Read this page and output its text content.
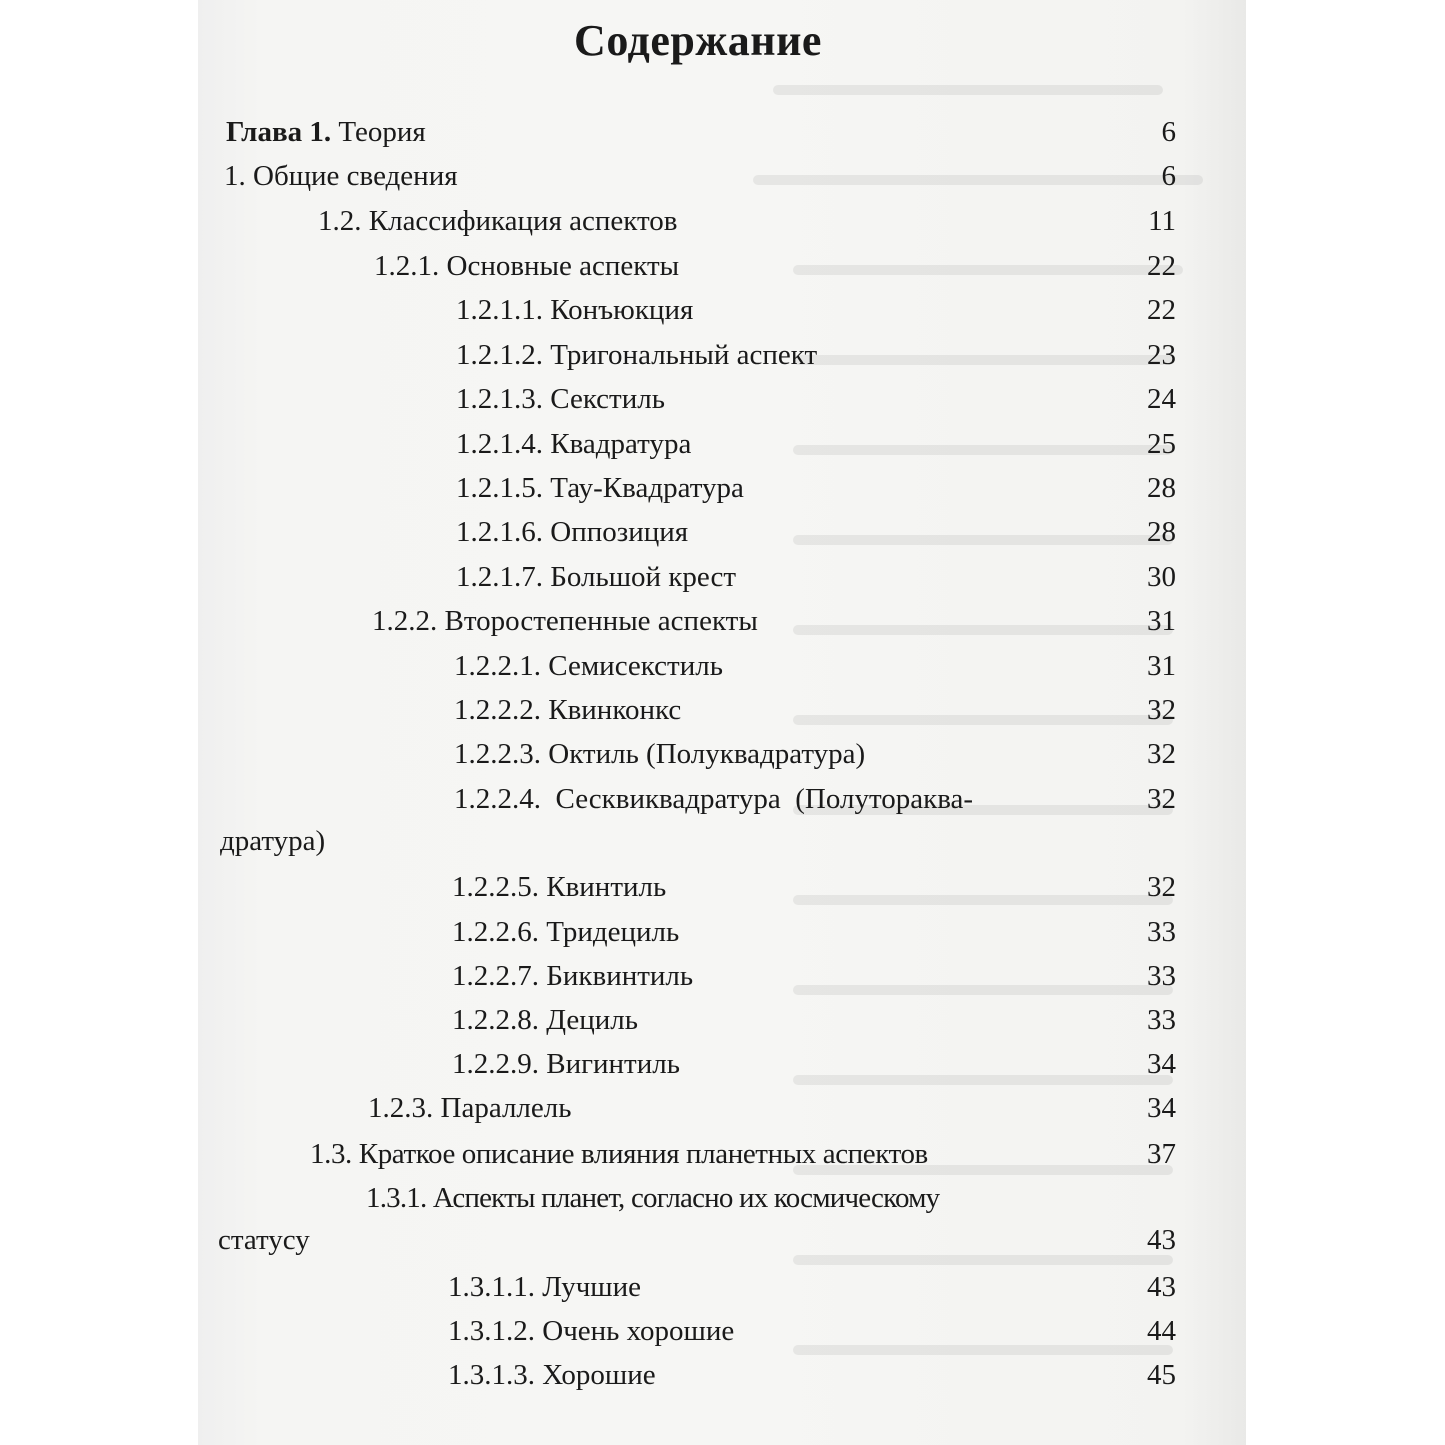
Содержание
Глава 1. Теория	6
1. Общие сведения	6
1.2. Классификация аспектов	11
1.2.1. Основные аспекты	22
1.2.1.1. Конъюкция	22
1.2.1.2. Тригональный аспект	23
1.2.1.3. Секстиль	24
1.2.1.4. Квадратура	25
1.2.1.5. Тау-Квадратура	28
1.2.1.6. Оппозиция	28
1.2.1.7. Большой крест	30
1.2.2. Второстепенные аспекты	31
1.2.2.1. Семисекстиль	31
1.2.2.2. Квинконкс	32
1.2.2.3. Октиль (Полуквадратура)	32
1.2.2.4.  Сесквиквадратура  (Полутораква-	32
дратура)
1.2.2.5. Квинтиль	32
1.2.2.6. Тридециль	33
1.2.2.7. Биквинтиль	33
1.2.2.8. Дециль	33
1.2.2.9. Вигинтиль	34
1.2.3. Параллель	34
1.3. Краткое описание влияния планетных аспектов	37
1.3.1. Аспекты планет, согласно их космическому
статусу	43
1.3.1.1. Лучшие	43
1.3.1.2. Очень хорошие	44
1.3.1.3. Хорошие	45
